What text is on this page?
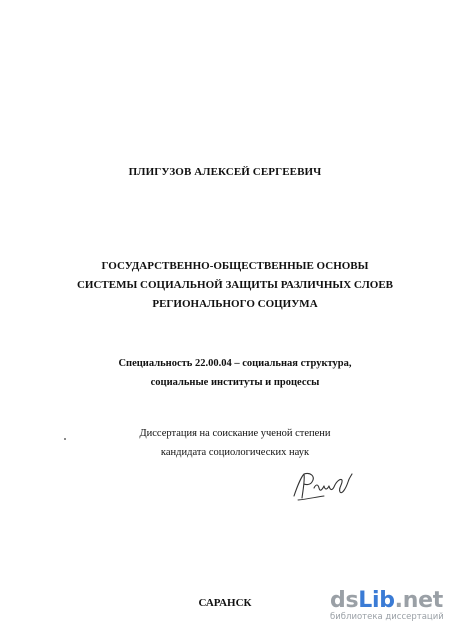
ПЛИГУЗОВ АЛЕКСЕЙ СЕРГЕЕВИЧ
ГОСУДАРСТВЕННО-ОБЩЕСТВЕННЫЕ ОСНОВЫ
СИСТЕМЫ СОЦИАЛЬНОЙ ЗАЩИТЫ РАЗЛИЧНЫХ СЛОЕВ
РЕГИОНАЛЬНОГО СОЦИУМА
Специальность 22.00.04 – социальная структура,
социальные институты и процессы
Диссертация на соискание ученой степени
кандидата социологических наук
САРАНСК	dsLib.net
библиотека диссертаций
